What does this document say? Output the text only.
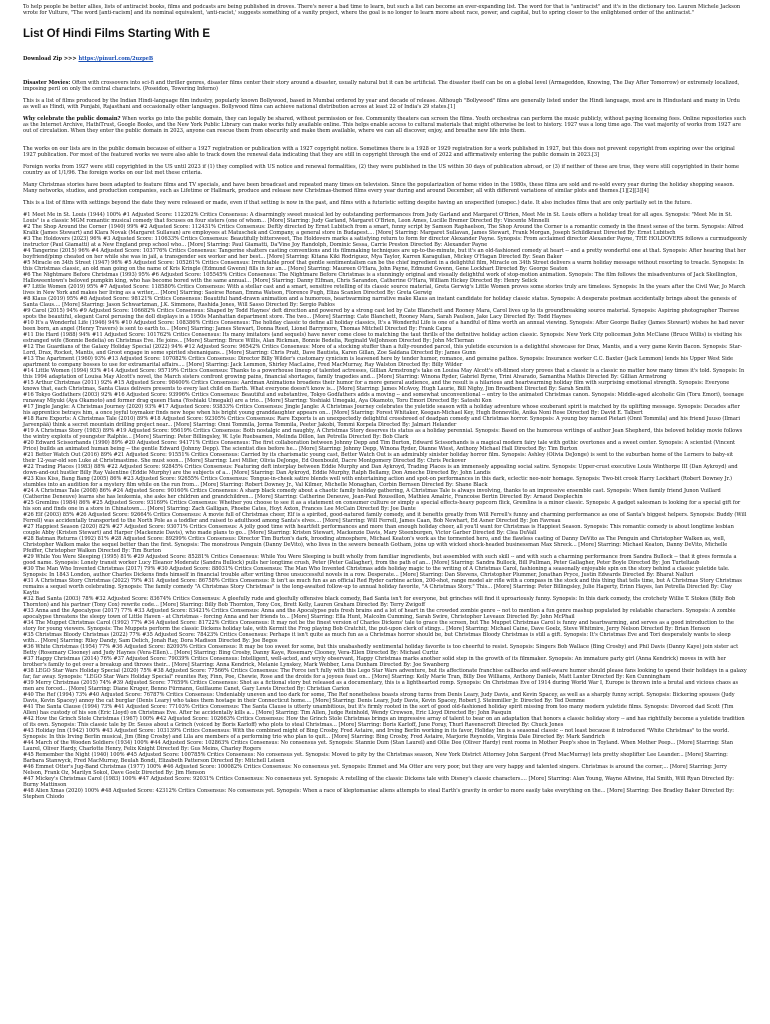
To help people be better allies, lists of antiracist books, films and podcasts are being published in droves. There's never a bad time to learn, but such a list can become an ever-expanding list. The word for that is "antiracist" and it's in the dictionary too. Lauren Michele Jackson wrote for Vulture, "The word [anti-racism] and its nominal equivalent, 'anti-racist,' suggests something of a vanity project, where the goal is no longer to learn more about race, power, and capital, but to spring closer to the enlightened order of the antiracist."

List Of Hindi Films Starting With E

Download Zip >>> https://pinurl.com/2uzpeB

Disaster Movies: Often with crossovers into sci-fi and thriller genres, disaster films center their story around a disaster, usually natural but it can be artificial. The disaster itself can be on a global level (Armageddon, Knowing, The Day After Tomorrow) or extremely localized, imposing peril on only the central characters. (Poseidon, Towering Inferno)

This is a list of films produced by the Indian Hindi-language film industry, popularly known Bollywood, based in Mumbai ordered by year and decade of release. Although "Bollywood" films are generally listed under the Hindi language, most are in Hindustani and many in Urdu as well as Hindi, with Punjabi, Rajasthani and occasionally other languages. Bollywood films can achieve national distribution across at least 22 of India's 29 states.[1]

Why celebrate the public domain? When works go into the public domain, they can legally be shared, without permission or fee. Community theaters can screen the films. Youth orchestras can perform the music publicly, without paying licensing fees. Online repositories such as the Internet Archive, HathiTrust, Google Books, and the New York Public Library can make works fully available online. This helps enable access to cultural materials that might otherwise be lost to history. 1927 was a long time ago. The vast majority of works from 1927 are out of circulation. When they enter the public domain in 2023, anyone can rescue them from obscurity and make them available, where we can all discover, enjoy, and breathe new life into them.

The works on our lists are in the public domain because of either a 1927 registration or publication with a 1927 copyright notice. Sometimes there is a 1928 or 1929 registration for a work published in 1927, but this does not prevent copyright from expiring over the original 1927 publication. For most of the featured works we were also able to track down the renewal data indicating that they are still in copyright through the end of 2022 and affirmatively entering the public domain in 2023.[3]

Foreign works from 1927 were still copyrighted in the US until 2023 if (1) they complied with US notice and renewal formalities, (2) they were published in the US within 30 days of publication abroad, or (3) if neither of these are true, they were still copyrighted in their home country as of 1/1/96. The foreign works on our list met these criteria.

Many Christmas stories have been adapted to feature films and TV specials, and have been broadcast and repeated many times on television. Since the popularization of home video in the 1980s, these films are sold and re-sold every year during the holiday shopping season. Many networks, studios, and production companies, such as Lifetime or Hallmark, produce and release new Christmas-themed films every year during and around December, all with different variations of similar plots and themes.[1][2][3][4]

This is a list of films with settings beyond the date they were released or made, even if that setting is now in the past, and films with a futuristic setting despite having an unspecified (unspec.) date. It also includes films that are only partially set in the future.

#1 Meet Me in St. Louis (1944) 100% #1 Adjusted Score: 112202% Critics Consensus: A disarmingly sweet musical led by outstanding performances from Judy Garland and Margaret O'Brien, Meet Me in St. Louis offers a holiday treat for all ages. Synopsis: "Meet Me in St. Louis" is a classic MGM romantic musical comedy that focuses on four sisters (one of whom... [More] Starring: Judy Garland, Margaret O'Brien, Leon Ames, Lucille Bremer Directed By: Vincente Minnelli
#2 The Shop Around the Corner (1940) 99% #2 Adjusted Score: 112431% Critics Consensus: Deftly directed by Ernst Lubitsch from a smart, funny script by Samson Raphaelson, The Shop Around the Corner is a romantic comedy in the finest sense of the term. Synopsis: Alfred Kralik (James Stewart) and Klara Novak (Margaret Sullavan) are employees at Matuschek and Company, a general store in Budapest.... [More] Starring: Margaret Sullavan, James Stewart, Frank Morgan, Joseph Schildkraut Directed By: Ernst Lubitsch
#3 The Holdovers (2023) 96% #3 Adjusted Score: 110633% Critics Consensus: Beautifully bittersweet, The Holdovers marks a satisfying return to form for director Alexander Payne. Synopsis: From acclaimed director Alexander Payne, THE HOLDOVERS follows a curmudgeonly instructor (Paul Giamatti) at a New England prep school who... [More] Starring: Paul Giamatti, Da'Vine Joy Randolph, Dominic Sessa, Carrie Preston Directed By: Alexander Payne
#4 Tangerine (2015) 96% #4 Adjusted Score: 103776% Critics Consensus: Tangerine shatters casting conventions and its filmmaking techniques are up-to-the-minute, but it's an old-fashioned comedy at heart -- and a pretty wonderful one at that. Synopsis: After hearing that her boyfriend/pimp cheated on her while she was in jail, a transgender sex worker and her best... [More] Starring: Kitana Kiki Rodriguez, Mya Taylor, Karren Karagulian, Mickey O'Hagan Directed By: Sean Baker
#5 Miracle on 34th Street (1947) 96% #5 Adjusted Score: 105261% Critics Consensus: Irrefutable proof that gentle sentimentalism can be the chief ingredient in a delightful film, Miracle on 34th Street delivers a warm holiday message without resorting to treacle. Synopsis: In this Christmas classic, an old man going on the name of Kris Kringle (Edmund Gwenn) fills in for an... [More] Starring: Maureen O'Hara, John Payne, Edmund Gwenn, Gene Lockhart Directed By: George Seaton
#6 The Nightmare Before Christmas (1993) 95% #6 Adjusted Score: 105545% Critics Consensus: The Nightmare Before Christmas is a stunningly original and visually delightful work of stop-motion animation. Synopsis: The film follows the misadventures of Jack Skellington, Halloweentown's beloved pumpkin king, who has become bored with the same annual... [More] Starring: Danny Elfman, Chris Sarandon, Catherine O'Hara, William Hickey Directed By: Henry Selick
#7 Little Women (2019) 95% #7 Adjusted Score: 118580% Critics Consensus: With a stellar cast and a smart, sensitive retelling of its classic source material, Greta Gerwig's Little Women proves some stories truly are timeless. Synopsis: In the years after the Civil War, Jo March lives in New York and makes her living as a writer,... [More] Starring: Saoirse Ronan, Emma Watson, Florence Pugh, Eliza Scanlen Directed By: Greta Gerwig
#8 Klaus (2019) 95% #8 Adjusted Score: 98121% Critics Consensus: Beautiful hand-drawn animation and a humorous, heartwarming narrative make Klaus an instant candidate for holiday classic status. Synopsis: A desperate postman accidentally brings about the genesis of Santa Claus.... [More] Starring: Jason Schwartzman, J.K. Simmons, Rashida Jones, Will Sasso Directed By: Sergio Pablos
#9 Carol (2015) 94% #9 Adjusted Score: 106682% Critics Consensus: Shaped by Todd Haynes' deft direction and powered by a strong cast led by Cate Blanchett and Rooney Mara, Carol lives up to its groundbreaking source material. Synopsis: Aspiring photographer Therese spots the beautiful, elegant Carol perusing the doll displays in a 1950s Manhattan department store. The two... [More] Starring: Cate Blanchett, Rooney Mara, Sarah Paulson, Jake Lacy Directed By: Todd Haynes
#10 It's a Wonderful Life (1946) 94% #10 Adjusted Score: 108386% Critics Consensus: The holiday classic to define all holiday classics, It's a Wonderful Life is one of a handful of films worth an annual viewing. Synopsis: After George Bailey (James Stewart) wishes he had never been born, an angel (Henry Travers) is sent to earth to... [More] Starring: James Stewart, Donna Reed, Lionel Barrymore, Thomas Mitchell Directed By: Frank Capra
#11 Die Hard (1988) 94% #11 Adjusted Score: 101762% Critics Consensus: Its many imitators (and sequels) have never come close to matching the taut thrills of the definitive holiday action classic. Synopsis: New York City policeman John McClane (Bruce Willis) is visiting his estranged wife (Bonnie Bedelia) on Christmas Eve. He joins... [More] Starring: Bruce Willis, Alan Rickman, Bonnie Bedelia, Reginald VelJohnson Directed By: John McTiernan
#12 The Guardians of the Galaxy Holiday Special (2022) 94% #12 Adjusted Score: 96542% Critics Consensus: More of a stocking stuffer than a fully-rounded parcel, this yuletide excursion is a delightful showcase for Drax, Mantis, and a very game Kevin Bacon. Synopsis: Star-Lord, Drax, Rocket, Mantis, and Groot engage in some spirited shenanigans... [More] Starring: Chris Pratt, Dave Bautista, Karen Gillan, Zoe Saldana Directed By: James Gunn
#13 The Apartment (1960) 93% #13 Adjusted Score: 107082% Critics Consensus: Director Billy Wilder's customary cynicism is leavened here by tender humor, romance, and genuine pathos. Synopsis: Insurance worker C.C. Baxter (Jack Lemmon) lends his Upper West Side apartment to company bosses to use for extramarital affairs.... [More] Starring: Jack Lemmon, Shirley MacLaine, Fred MacMurray, Ray Walston Directed By: Billy Wilder
#14 Little Women (1994) 93% #14 Adjusted Score: 95719% Critics Consensus: Thanks to a powerhouse lineup of talented actresses, Gillian Armstrong's take on Louisa May Alcott's oft-filmed story proves that a classic is a classic no matter how many times it's told. Synopsis: In this 1994 adaptation of Louisa May Alcott's novel, the March sisters confront growing pains, financial shortages, family tragedies and... [More] Starring: Winona Ryder, Gabriel Byrne, Trini Alvarado, Samantha Mathis Directed By: Gillian Armstrong
#15 Arthur Christmas (2011) 92% #15 Adjusted Score: 98400% Critics Consensus: Aardman Animations broadens their humor for a more general audience, and the result is a hilarious and heartwarming holiday film with surprising emotional strength. Synopsis: Everyone knows that, each Christmas, Santa Claus delivers presents to every last child on Earth. What everyone doesn't know is... [More] Starring: James McAvoy, Hugh Laurie, Bill Nighy, Jim Broadbent Directed By: Sarah Smith
#16 Tokyo Godfathers (2003) 92% #16 Adjusted Score: 93996% Critics Consensus: Beautiful and substantive, Tokyo Godfathers adds a moving -- and somewhat unconventional -- entry to the animated Christmas canon. Synopsis: Middle-aged alcoholic Gin (Toru Emori), teenage runaway Miyuki (Aya Okamoto) and former drag queen Hana (Yoshiaki Umegaki) are a trio... [More] Starring: Yoshiaki Umegaki, Aya Okamoto, Toru Emori Directed By: Satoshi Kon
#17 Jingle Jangle: A Christmas Journey (2020) 93% #17 Adjusted Score: 93833% Critics Consensus: Jingle Jangle: A Christmas Journey celebrates the yuletide season with a holiday adventure whose exuberant spirit is matched by its uplifting message. Synopsis: Decades after his apprentice betrays him, a once joyful toymaker finds new hope when his bright young granddaughter appears on... [More] Starring: Forest Whitaker, Keegan-Michael Key, Hugh Bonneville, Anika Noni Rose Directed By: David E. Talbert
#18 Rare Exports: A Christmas Tale (2010) 89% #18 Adjusted Score: 92305% Critics Consensus: Rare Exports is an unexpectedly delightful crossbreed of deadpan comedy and Christmas horror. Synopsis: A young boy named Pietari (Onni Tommila) and his friend Juuso (Ilmari Jarvenpää) think a secret mountain drilling project near... [More] Starring: Onni Tommila, Jorma Tommila, Peeter Jakobi, Tommi Korpela Directed By: Jalmari Helander
#19 A Christmas Story (1983) 89% #19 Adjusted Score: 95619% Critics Consensus: Both nostalgic and naughty, A Christmas Story deserves its status as a holiday perennial. Synopsis: Based on the humorous writings of author Jean Shepherd, this beloved holiday movie follows the wintry exploits of youngster Ralphie... [More] Starring: Peter Billingsley, W. Lyle Ruebsamen, Melinda Dillon, Ian Petrella Directed By: Bob Clark
#20 Edward Scissorhands (1990) 89% #20 Adjusted Score: 94171% Critics Consensus: The first collaboration between Johnny Depp and Tim Burton, Edward Scissorhands is a magical modern fairy tale with gothic overtones and a sweet center. Synopsis: A scientist (Vincent Price) builds an animated human being -- the gentle Edward (Johnny Depp). The scientist dies before he... [More] Starring: Johnny Depp, Winona Ryder, Dianne Wiest, Anthony Michael Hall Directed By: Tim Burton
#21 Better Watch Out (2016) 89% #21 Adjusted Score: 91551% Critics Consensus: Carried by its charismatic young cast, Better Watch Out is an admirably sinister holiday horror film. Synopsis: Ashley (Olivia DeJonge) is sent to the suburban home of the Lerners to baby-sit their 12-year-old son Luke at Christmastime. She must soon... [More] Starring: Levi Miller, Olivia DeJonge, Ed Oxenbould, Dacre Montgomery Directed By: Chris Peckover
#22 Trading Places (1983) 88% #22 Adjusted Score: 92845% Critics Consensus: Featuring deft interplay between Eddie Murphy and Dan Aykroyd, Trading Places is an immensely appealing social satire. Synopsis: Upper-crust executive Louis Winthorpe III (Dan Aykroyd) and down-and-out hustler Billy Ray Valentine (Eddie Murphy) are the subjects of a... [More] Starring: Dan Aykroyd, Eddie Murphy, Ralph Bellamy, Don Ameche Directed By: John Landis
#23 Kiss Kiss, Bang Bang (2005) 86% #23 Adjusted Score: 92655% Critics Consensus: Tongue-in-cheek satire blends well with entertaining action and spot-on performances in this dark, eclectic neo-noir homage. Synopsis: Two-bit crook Harry Lockhart (Robert Downey Jr.) stumbles into an audition for a mystery film while on the run from... [More] Starring: Robert Downey Jr., Val Kilmer, Michelle Monaghan, Corbin Bernsen Directed By: Shane Black
#24 A Christmas Tale (2008) 86% #24 Adjusted Score: 90160% Critics Consensus: A sharp black comedy about a chaotic family holiday gathering, A Christmas Tale is always involving, thanks to an impressive ensemble cast. Synopsis: When family friend Junon Vuillard (Catherine Deneuve) learns she has leukemia, she asks her children and grandchildren... [More] Starring: Catherine Deneuve, Jean-Paul Roussillon, Mathieu Amalric, Francoise Bertin Directed By: Arnaud Desplechin
#25 Gremlins (1984) 86% #25 Adjusted Score: 93169% Critics Consensus: Whether you choose to see it as a statement on consumer culture or simply a special effects-heavy popcorn flick, Gremlins is a minor classic. Synopsis: A gadget salesman is looking for a special gift for his son and finds one in a store in Chinatown.... [More] Starring: Zach Galligan, Phoebe Cates, Hoyt Axton, Frances Lee McCain Directed By: Joe Dante
#26 Elf (2003) 85% #26 Adjusted Score: 92664% Critics Consensus: A movie full of Christmas cheer, Elf is a spirited, good-natured family comedy, and it benefits greatly from Will Ferrell's funny and charming performance as one of Santa's biggest helpers. Synopsis: Buddy (Will Ferrell) was accidentally transported to the North Pole as a toddler and raised to adulthood among Santa's elves.... [More] Starring: Will Ferrell, James Caan, Bob Newhart, Ed Asner Directed By: Jon Favreau
#27 Happiest Season (2020) 82% #27 Adjusted Score: 93071% Critics Consensus: A jolly good time with heartfelt performances and more than enough holiday cheer, all you'll want for Christmas is Happiest Season. Synopsis: This romantic comedy is about longtime lesbian couple Abby (Kristen Stewart) and Harper (Mackenzie Davis), who made plans to go... [More] Starring: Kristen Stewart, Mackenzie Davis, Mary Steenburgen, Victor Garber Directed By: Clea DuVall
#28 Batman Returns (1992) 81% #28 Adjusted Score: 89299% Critics Consensus: Director Tim Burton's dark, brooding atmosphere, Michael Keaton's work as the tormented hero, and the flawless casting of Danny DeVito as The Penguin and Christopher Walken as, well, Christopher Walken make the sequel better than the first. Synopsis: The monstrous Penguin (Danny DeVito), who lives in the sewers beneath Gotham, joins up with wicked shock-headed businessman Max Shreck... [More] Starring: Michael Keaton, Danny DeVito, Michelle Pfeiffer, Christopher Walken Directed By: Tim Burton
#29 While You Were Sleeping (1995) 81% #29 Adjusted Score: 85281% Critics Consensus: While You Were Sleeping is built wholly from familiar ingredients, but assembled with such skill -- and with such a charming performance from Sandra Bullock -- that it gives formula a good name. Synopsis: Lonely transit worker Lucy Eleanor Moderatz (Sandra Bullock) pulls her longtime crush, Peter (Peter Gallagher), from the path of an... [More] Starring: Sandra Bullock, Bill Pullman, Peter Gallagher, Peter Boyle Directed By: Jon Turteltaub
#30 The Man Who Invented Christmas (2017) 79% #30 Adjusted Score: 88031% Critics Consensus: The Man Who Invented Christmas adds holiday magic to the writing of A Christmas Carol, fashioning a seasonally enjoyable spin on the story behind a classic yuletide tale. Synopsis: In 1843 London, author Charles Dickens finds himself in financial trouble after writing three unsuccessful novels in a row. Desperate... [More] Starring: Dan Stevens, Christopher Plummer, Jonathan Pryce, Justin Edwards Directed By: Bharat Nalluri
#31 A Christmas Story Christmas (2022) 79% #31 Adjusted Score: 86758% Critics Consensus: It isn't as much fun as an official Red Ryder carbine action, 200-shot, range model air rifle with a compass in the stock and this thing that tells time, but A Christmas Story Christmas remains a sequel worth celebrating. Synopsis: The family comedy "A Christmas Story Christmas" is the long-awaited follow-up to annual holiday favorite, "A Christmas Story." This... [More] Starring: Peter Billingsley, Julie Hagerty, Erinn Hayes, Ian Petrella Directed By: Clay Kaytis
#32 Bad Santa (2003) 78% #32 Adjusted Score: 83674% Critics Consensus: A gleefully rude and gleefully offensive black comedy, Bad Santa isn't for everyone, but grinches will find it uproariously funny. Synopsis: In this dark comedy, the crotchety Willie T. Stokes (Billy Bob Thornton) and his partner (Tony Cox) rewrite code... [More] Starring: Billy Bob Thornton, Tony Cox, Brett Kelly, Lauren Graham Directed By: Terry Zwigoff
#33 Anna and the Apocalypse (2017) 77% #33 Adjusted Score: 83421% Critics Consensus: Anna and the Apocalypse puts fresh brains and a lot of heart in the crowded zombie genre -- not to mention a fun genre mashup populated by relatable characters. Synopsis: A zombie apocalypse threatens the sleepy town of Little Haven - at Christmas - forcing Anna and her friends to... [More] Starring: Ella Hunt, Malcolm Cumming, Sarah Swire, Christopher Leveaux Directed By: John McPhail
#34 The Muppet Christmas Carol (1992) 77% #34 Adjusted Score: 81722% Critics Consensus: It may not be the finest version of Charles Dickens' tale to grace the screen, but The Muppet Christmas Carol is funny and heartwarming, and serves as a good introduction to the story for young viewers. Synopsis: The Muppets perform the classic Dickens holiday tale, with Kermit the Frog playing Bob Cratchit, the put-upon clerk of stingy... [More] Starring: Michael Caine, Dave Goelz, Steve Whitmire, Jerry Nelson Directed By: Brian Henson
#35 Christmas Bloody Christmas (2022) 77% #35 Adjusted Score: 78423% Critics Consensus: Perhaps it isn't quite as much fun as a Christmas horror should be, but Christmas Bloody Christmas is still a gift. Synopsis: It's Christmas Eve and Tori desperately wants to sleep with... [More] Starring: Riley Dandy, Sam Delich, Jonah Ray, Dora Madison Directed By: Joe Begos
#36 White Christmas (1954) 77% #36 Adjusted Score: 82093% Critics Consensus: It may be too sweet for some, but this unabashedly sentimental holiday favorite is too cheerful to resist. Synopsis: Singers Bob Wallace (Bing Crosby) and Phil Davis (Danny Kaye) join sister act Betty (Rosemary Clooney) and Judy Haynes (Vera-Ellen)... [More] Starring: Bing Crosby, Danny Kaye, Rosemary Clooney, Vera-Ellen Directed By: Michael Curtiz
#37 Happy Christmas (2014) 76% #37 Adjusted Score: 79039% Critics Consensus: Intelligent, well-acted, and wryly observant, Happy Christmas marks another solid step in the growth of its filmmaker. Synopsis: An immature party girl (Anna Kendrick) moves in with her brother's family to get over a breakup and throws their... [More] Starring: Anna Kendrick, Melanie Lynskey, Mark Webber, Lena Dunham Directed By: Joe Swanberg
#38 LEGO Star Wars Holiday Special (2020) 75% #38 Adjusted Score: 77566% Critics Consensus: The Force isn't fully with this Lego Star Wars adventure, but its affectionate franchise callbacks and self-aware humor should please fans looking to spend their holidays in a galaxy far, far away. Synopsis: "LEGO Star Wars Holiday Special" reunites Rey, Finn, Poe, Chewie, Rose and the droids for a joyous feast on... [More] Starring: Kelly Marie Tran, Billy Dee Williams, Anthony Daniels, Matt Lanter Directed By: Ken Cunningham
#39 Merry Christmas (2015) 74% #39 Adjusted Score: 77659% Critics Consensus: Shot as a fictional story but released as a documentary, this is a lighthearted romp. Synopsis: On Christmas Eve of 1914 during World War I, Europe is thrown into a brutal and vicious chaos as men are forced... [More] Starring: Diane Kruger, Benno Fürmann, Guillaume Canet, Gary Lewis Directed By: Christian Carion
#40 The Ref (1994) 73% #40 Adjusted Score: 76787% Critics Consensus: Undeniably uneven and too dark for some, The Ref nonetheless boasts strong turns from Denis Leary, Judy Davis, and Kevin Spacey, as well as a sharply funny script. Synopsis: Bickering spouses (Judy Davis, Kevin Spacey) annoy the cat burglar (Denis Leary) who takes them hostage in their Connecticut home.... [More] Starring: Denis Leary, Judy Davis, Kevin Spacey, Robert J. Steinmiller Jr. Directed By: Ted Demme
#41 The Santa Clause (1994) 73% #41 Adjusted Score: 77103% Critics Consensus: The Santa Clause is utterly unambitious, but it's firmly rooted in the sort of good old-fashioned holiday spirit missing from too many modern yuletide films. Synopsis: Divorced dad Scott (Tim Allen) has custody of his son (Eric Lloyd) on Christmas Eve. After he accidentally kills a... [More] Starring: Tim Allen, Judge Reinhold, Wendy Crewson, Eric Lloyd Directed By: John Pasquin
#42 How the Grinch Stole Christmas (1967) 100% #42 Adjusted Score: 102663% Critics Consensus: How the Grinch Stole Christmas brings an impressive array of talent to bear on an adaptation that honors a classic holiday story -- and has rightfully become a yuletide tradition of its own. Synopsis: This classic tale by Dr. Seuss about a Grinch (voiced by Boris Karloff) who plots to steal Christmas... [More] Starring: Boris Karloff, June Foray, Thurl Ravenscroft Directed By: Chuck Jones
#43 Holiday Inn (1942) 100% #43 Adjusted Score: 103139% Critics Consensus: With the combined might of Bing Crosby, Fred Astaire, and Irving Berlin working in its favor, Holiday Inn is a seasonal classic -- not least because it introduced "White Christmas" to the world. Synopsis: In this Irving Berlin musical, Jim (Bing Crosby) and Lila are members of a performing trio who plan to quit... [More] Starring: Bing Crosby, Fred Astaire, Marjorie Reynolds, Virginia Dale Directed By: Mark Sandrich
#44 March of the Wooden Soldiers (1934) 100% #44 Adjusted Score: 102863% Critics Consensus: No consensus yet. Synopsis: Stannie Dum (Stan Laurel) and Ollie Dee (Oliver Hardy) rent rooms in Mother Peep's shoe in Toyland. When Mother Peep... [More] Starring: Stan Laurel, Oliver Hardy, Charlotte Henry, Felix Knight Directed By: Gus Meins, Charley Rogers
#45 Remember the Night (1940) 100% #45 Adjusted Score: 100785% Critics Consensus: No consensus yet. Synopsis: Moved to pity by the Christmas season, New York District Attorney John Sargent (Fred MacMurray) lets pretty shoplifter Lee Leander... [More] Starring: Barbara Stanwyck, Fred MacMurray, Beulah Bondi, Elizabeth Patterson Directed By: Mitchell Leisen
#46 Emmet Otter's Jug-Band Christmas (1977) 100% #46 Adjusted Score: 100082% Critics Consensus: No consensus yet. Synopsis: Emmet and Ma Otter are very poor, but they are very happy and talented singers. Christmas is around the corner,... [More] Starring: Jerry Nelson, Frank Oz, Marilyn Sokol, Dave Goelz Directed By: Jim Henson
#47 Mickey's Christmas Carol (1983) 100% #47 Adjusted Score: 92031% Critics Consensus: No consensus yet. Synopsis: A retelling of the classic Dickens tale with Disney's classic characters.... [More] Starring: Alan Young, Wayne Allwine, Hal Smith, Will Ryan Directed By: Burny Mattinson
#48 Alien Xmas (2020) 100% #48 Adjusted Score: 42312% Critics Consensus: No consensus yet. Synopsis: When a race of kleptomaniac aliens attempts to steal Earth's gravity in order to more easily take everything on the... [More] Starring: Dee Bradley Baker Directed By: Stephen Chiodo
